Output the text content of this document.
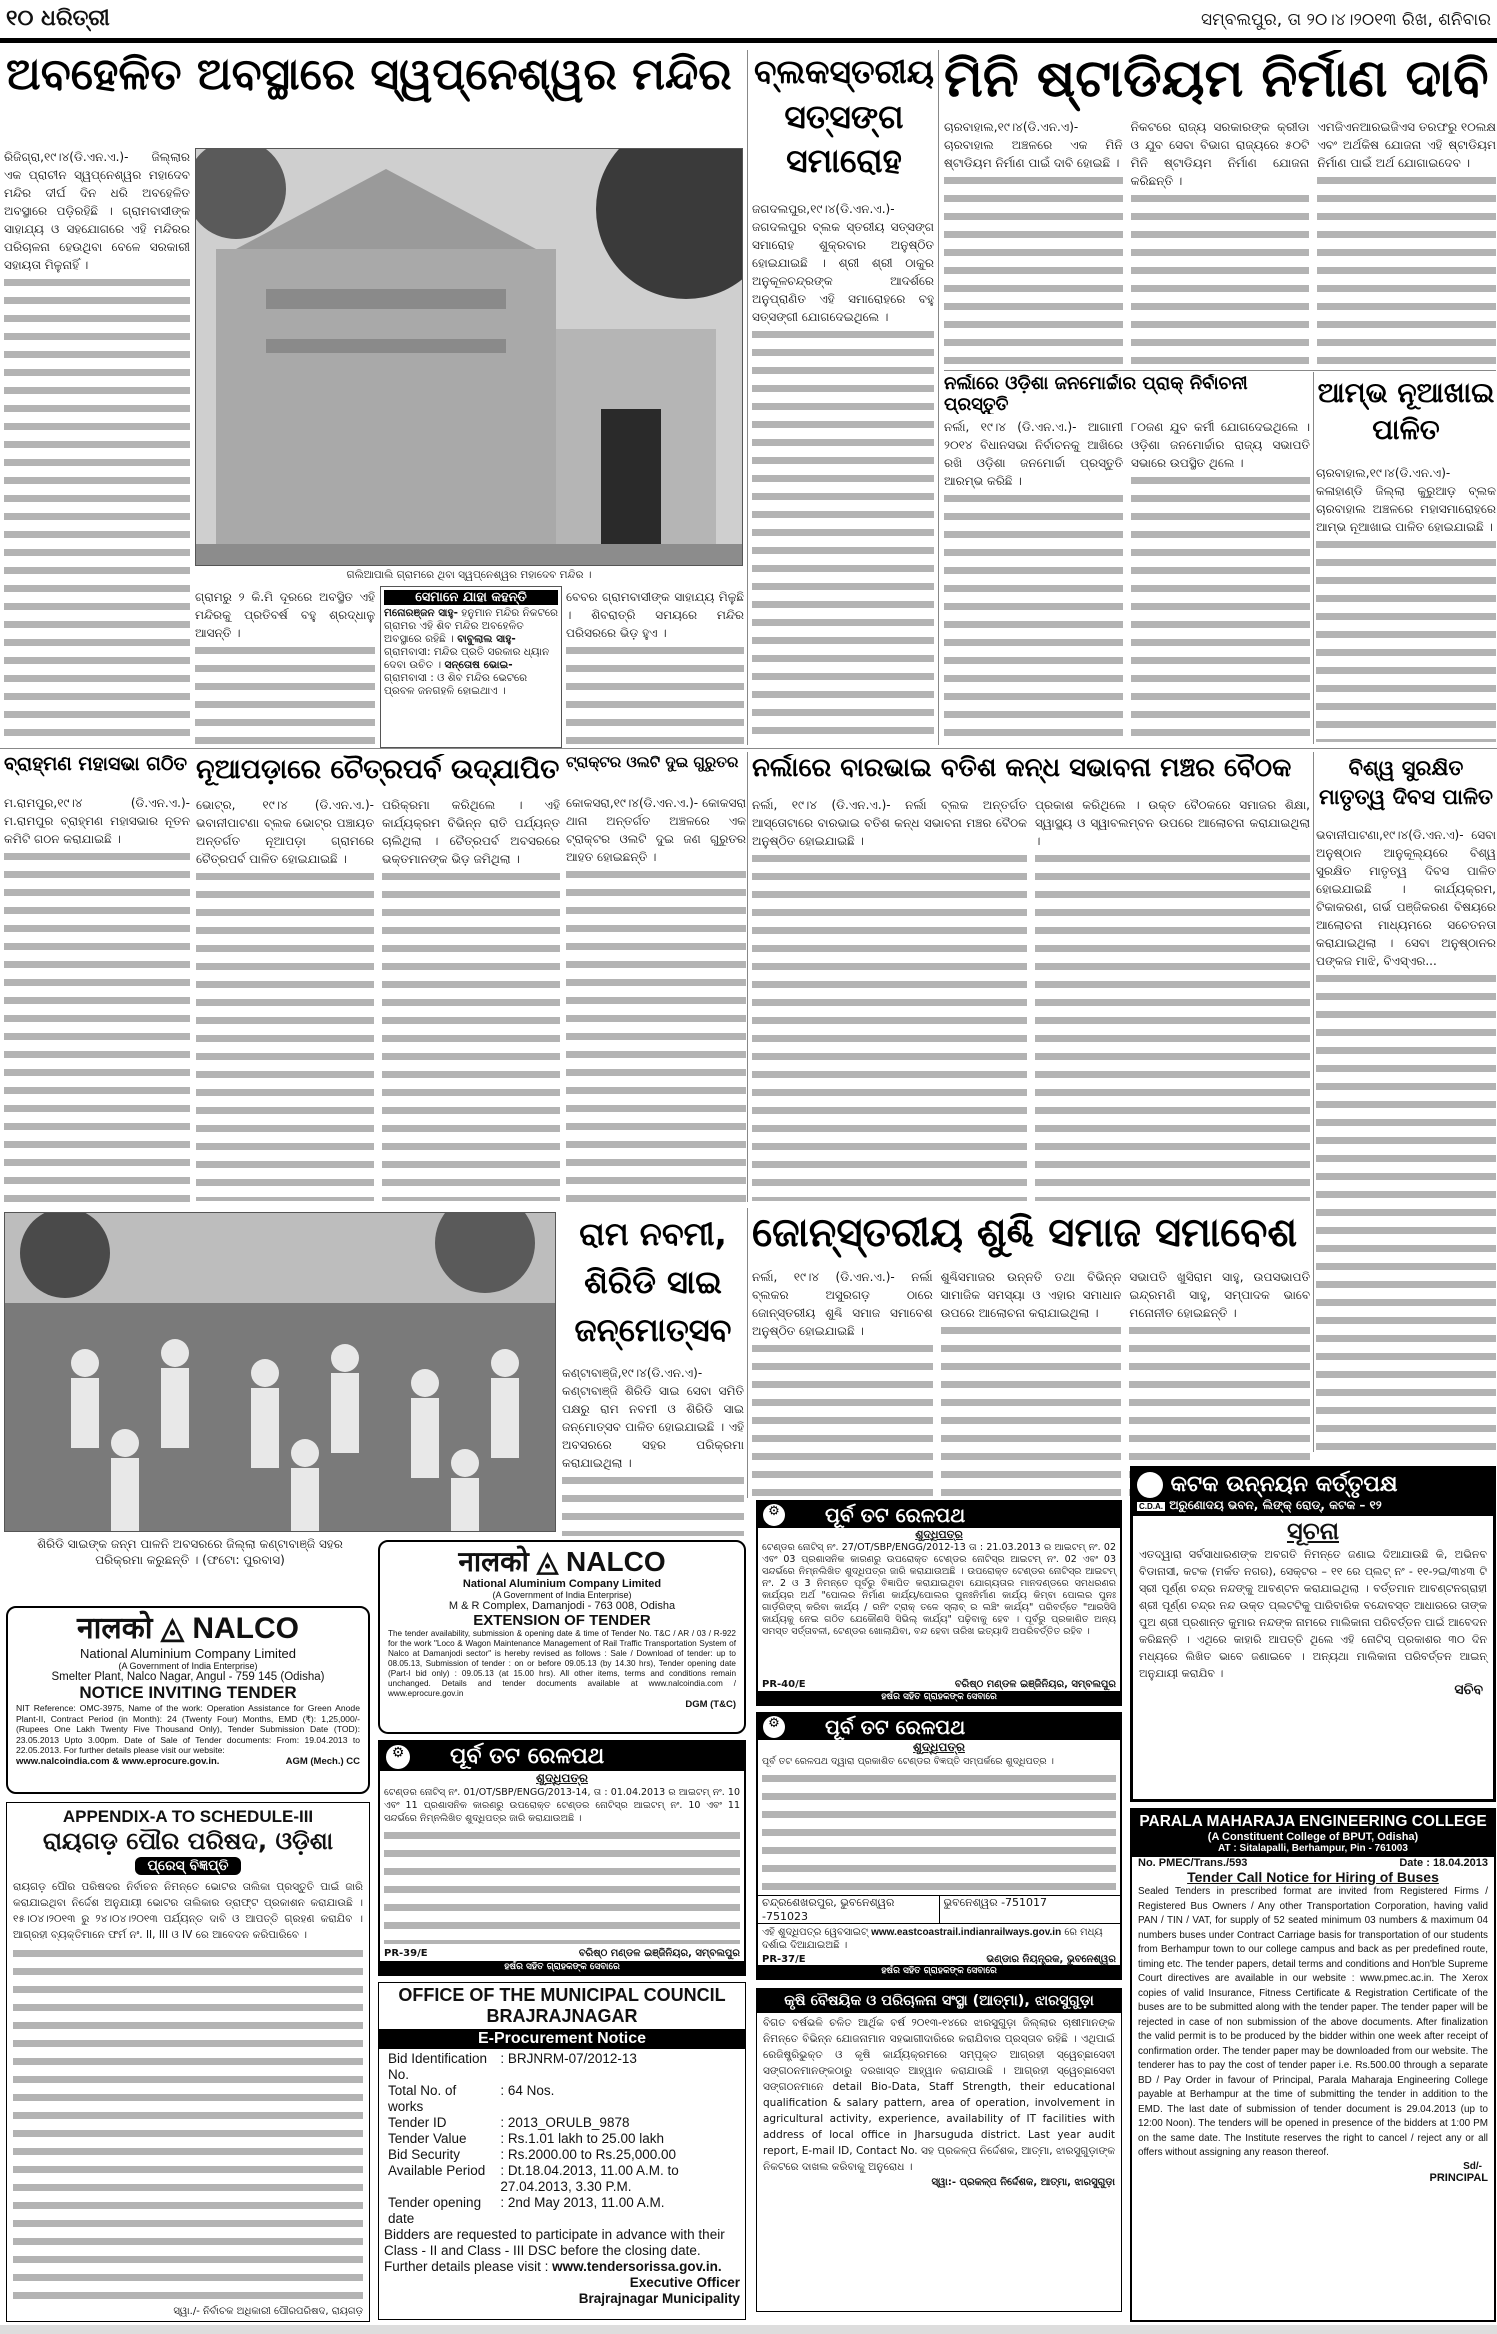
୧୦ ଧରିତ୍ରୀ	ସମ୍ବଲପୁର, ତା ୨୦।୪।୨୦୧୩ ରିଖ, ଶନିବାର
ଅବହେଳିତ ଅବସ୍ଥାରେ ସ୍ୱପ୍ନେଶ୍ୱର ମନ୍ଦିର
ରିଜିଗ୍ରା,୧୯।୪(ଡି.ଏନ.ଏ.)- ଜିଲ୍ଲାର ଏକ ପ୍ରାଚୀନ ସ୍ୱପ୍ନେଶ୍ୱର ମହାଦେବ ମନ୍ଦିର ଦୀର୍ଘ ଦିନ ଧରି ଅବହେଳିତ ଅବସ୍ଥାରେ ପଡ଼ିରହିଛି । ଗ୍ରାମବାସୀଙ୍କ ସାହାଯ୍ୟ ଓ ସହଯୋଗରେ ଏହି ମନ୍ଦିରର ପରିଚାଳନା ହେଉଥିବା ବେଳେ ସରକାରୀ ସହାୟତା ମିଳୁନାହିଁ ।
ଗଲିଆପାଲି ଗ୍ରାମରେ ଥିବା ସ୍ୱପ୍ନେଶ୍ୱର ମହାଦେବ ମନ୍ଦିର ।
ଗ୍ରାମରୁ ୨ କି.ମି ଦୂରରେ ଅବସ୍ଥିତ ଏହି ମନ୍ଦିରକୁ ପ୍ରତିବର୍ଷ ବହୁ ଶ୍ରଦ୍ଧାଳୁ ଆସନ୍ତି ।
ସେମାନେ ଯାହା କହନ୍ତି
ମନୋରଞ୍ଜନ ସାହୁ- ହନୁମାନ ମନ୍ଦିର ନିକଟରେ ଗ୍ରାମର ଏହି ଶିବ ମନ୍ଦିର ଅବହେଳିତ ଅବସ୍ଥାରେ ରହିଛି । ବାବୁଲାଲ ସାହୁ- ଗ୍ରାମବାସୀ: ମନ୍ଦିର ପ୍ରତି ସରକାର ଧ୍ୟାନ ଦେବା ଉଚିତ । ସନ୍ତୋଷ ଭୋଇ- ଗ୍ରାମବାସୀ : ଓ ଶିବ ମନ୍ଦିର ଭେଟରେ ପ୍ରବଳ ଜନଗହଳି ହୋଇଥାଏ ।
ବେବର ଗ୍ରାମବାସୀଙ୍କ ସାହାଯ୍ୟ ମିଳୁଛି । ଶିବରାତ୍ରି ସମୟରେ ମନ୍ଦିର ପରିସରରେ ଭିଡ଼ ହୁଏ ।
ବ୍ଲକସ୍ତରୀୟ ସତ୍‌ସଙ୍ଗ ସମାରୋହ
ଜଗଦଲପୁର,୧୯।୪(ଡି.ଏନ.ଏ.)- ଜଗଦଲପୁର ବ୍ଲକ ସ୍ତରୀୟ ସତ୍‌ସଙ୍ଗ ସମାରୋହ ଶୁକ୍ରବାର ଅନୁଷ୍ଠିତ ହୋଇଯାଇଛି । ଶ୍ରୀ ଶ୍ରୀ ଠାକୁର ଅନୁକୂଳଚନ୍ଦ୍ରଙ୍କ ଆଦର୍ଶରେ ଅନୁପ୍ରାଣିତ ଏହି ସମାରୋହରେ ବହୁ ସତ୍‌ସଙ୍ଗୀ ଯୋଗଦେଇଥିଲେ ।
ମିନି ଷ୍ଟାଡିୟମ ନିର୍ମାଣ ଦାବି
ଚାରବାହାଲ,୧୯।୪(ଡି.ଏନ.ଏ)- ଚାରବାହାଲ ଅଞ୍ଚଳରେ ଏକ ମିନି ଷ୍ଟାଡିୟମ ନିର୍ମାଣ ପାଇଁ ଦାବି ହୋଇଛି ।
ନିକଟରେ ରାଜ୍ୟ ସରକାରଙ୍କ କ୍ରୀଡା ଓ ଯୁବ ସେବା ବିଭାଗ ରାଜ୍ୟରେ ୫୦ଟି ମିନି ଷ୍ଟାଡିୟମ ନିର୍ମାଣ ଯୋଜନା କରିଛନ୍ତି ।
ଏମଜିଏନଆରଇଜିଏସ ତରଫରୁ ୧୦ଲକ୍ଷ ଏବଂ ଅର୍ଥକିଷ ଯୋଜନା ଏହି ଷ୍ଟାଡିୟମ ନିର୍ମାଣ ପାଇଁ ଅର୍ଥ ଯୋଗାଇଦେବ ।
ନର୍ଲାରେ ଓଡ଼ିଶା ଜନମୋର୍ଚ୍ଚାର ପ୍ରାକ୍ ନିର୍ବାଚନୀ ପ୍ରସ୍ତୁତି
ନର୍ଲା, ୧୯।୪ (ଡି.ଏନ.ଏ.)- ଆଗାମୀ ୨୦୧୪ ବିଧାନସଭା ନିର୍ବାଚନକୁ ଆଖିରେ ରଖି ଓଡ଼ିଶା ଜନମୋର୍ଚ୍ଚା ପ୍ରସ୍ତୁତି ଆରମ୍ଭ କରିଛି ।
୮୦ଜଣ ଯୁବ କର୍ମୀ ଯୋଗଦେଇଥିଲେ । ଓଡ଼ିଶା ଜନମୋର୍ଚ୍ଚାର ରାଜ୍ୟ ସଭାପତି ସଭାରେ ଉପସ୍ଥିତ ଥିଲେ ।
ଆମ୍ଭ ନୂଆଖାଇ ପାଳିତ
ଚାରବାହାଲ,୧୯।୪(ଡି.ଏନ.ଏ)- କଳାହାଣ୍ଡି ଜିଲ୍ଲା କୁରୁଆଡ଼ ବ୍ଲକ ଚାରବାହାଲ ଅଞ୍ଚଳରେ ମହାସମାରୋହରେ ଆମ୍ଭ ନୂଆଖାଇ ପାଳିତ ହୋଇଯାଇଛି ।
ବ୍ରାହ୍ମଣ ମହାସଭା ଗଠିତ
ମ.ରାମପୁର,୧୯।୪ (ଡି.ଏନ.ଏ.)- ମ.ରାମପୁର ବ୍ରାହ୍ମଣ ମହାସଭାର ନୂତନ କମିଟି ଗଠନ କରାଯାଇଛି ।
ନୂଆପଡ଼ାରେ ଚୈତ୍ରପର୍ବ ଉଦ୍‌ଯାପିତ
ଭୋଟ୍ର, ୧୯।୪ (ଡି.ଏନ.ଏ.)- ଭବାନୀପାଟଣା ବ୍ଲକ ଭୋଟ୍ର ପଞ୍ଚାୟତ ଅନ୍ତର୍ଗତ ନୂଆପଡ଼ା ଗ୍ରାମରେ ଚୈତ୍ରପର୍ବ ପାଳିତ ହୋଇଯାଇଛି ।
ପରିକ୍ରମା କରିଥିଲେ । ଏହି କାର୍ଯ୍ୟକ୍ରମ ବିଭିନ୍ନ ରାତି ପର୍ଯ୍ୟନ୍ତ ଚାଲିଥିଲା । ଚୈତ୍ରପର୍ବ ଅବସରରେ ଭକ୍ତମାନଙ୍କ ଭିଡ଼ ଜମିଥିଲା ।
ଟ୍ରାକ୍ଟର ଓଲଟି ଦୁଇ ଗୁରୁତର
କୋକସରା,୧୯।୪(ଡି.ଏନ.ଏ.)- କୋକସରା ଥାନା ଅନ୍ତର୍ଗତ ଅଞ୍ଚଳରେ ଏକ ଟ୍ରାକ୍ଟର ଓଲଟି ଦୁଇ ଜଣ ଗୁରୁତର ଆହତ ହୋଇଛନ୍ତି ।
ନର୍ଲାରେ ବାରଭାଇ ବତିଶ କନ୍ଧ ସଭାବନା ମଞ୍ଚର ବୈଠକ
ନର୍ଲା, ୧୯।୪ (ଡି.ଏନ.ଏ.)- ନର୍ଲା ବ୍ଲକ ଅନ୍ତର୍ଗତ ଆସ୍ତୋଟାରେ ବାରଭାଇ ବତିଶ କନ୍ଧ ସଭାବନା ମଞ୍ଚର ବୈଠକ ଅନୁଷ୍ଠିତ ହୋଇଯାଇଛି ।
ପ୍ରକାଶ କରିଥିଲେ । ଉକ୍ତ ବୈଠକରେ ସମାଜର ଶିକ୍ଷା, ସ୍ୱାସ୍ଥ୍ୟ ଓ ସ୍ୱାବଲମ୍ବନ ଉପରେ ଆଲୋଚନା କରାଯାଇଥିଲା ।
ବିଶ୍ୱ ସୁରକ୍ଷିତ ମାତୃତ୍ୱ ଦିବସ ପାଳିତ
ଭବାନୀପାଟଣା,୧୯।୪(ଡି.ଏନ.ଏ)- ସେବା ଅନୁଷ୍ଠାନ ଆନୁକୂଲ୍ୟରେ ବିଶ୍ୱ ସୁରକ୍ଷିତ ମାତୃତ୍ୱ ଦିବସ ପାଳିତ ହୋଇଯାଇଛି । କାର୍ଯ୍ୟକ୍ରମ, ଟିକାକରଣ, ଗର୍ଭ ପଞ୍ଜିକରଣ ବିଷୟରେ ଆଲୋଚନା ମାଧ୍ୟମରେ ସଚେତନତା କରାଯାଇଥିଲା । ସେବା ଅନୁଷ୍ଠାନର ପଙ୍କଜ ମାଝି, ବିଏସ୍‌ଏର...
ଶିରିଡି ସାଇଙ୍କ ଜନ୍ମ ପାଳନି ଅବସରରେ ଜିଲ୍ଲା କଣ୍ଟାବାଞ୍ଜି ସହର ପରିକ୍ରମା କରୁଛନ୍ତି । (ଫଟୋ: ପୁରବାସ)
ରାମ ନବମୀ, ଶିରିଡି ସାଇ ଜନ୍ମୋତ୍ସବ
କଣ୍ଟାବାଞ୍ଜି,୧୯।୪(ଡି.ଏନ.ଏ)- କଣ୍ଟାବାଞ୍ଜି ଶିରିଡି ସାଇ ସେବା ସମିତି ପକ୍ଷରୁ ରାମ ନବମୀ ଓ ଶିରିଡି ସାଇ ଜନ୍ମୋତ୍ସବ ପାଳିତ ହୋଇଯାଇଛି । ଏହି ଅବସରରେ ସହର ପରିକ୍ରମା କରାଯାଇଥିଲା ।
ଜୋନ୍‌ସ୍ତରୀୟ ଶୁଣ୍ଢି ସମାଜ ସମାବେଶ
ନର୍ଲା, ୧୯।୪ (ଡି.ଏନ.ଏ.)- ନର୍ଲା ବ୍ଲକର ଅସୁରଗଡ଼ ଠାରେ ଜୋନ୍‌ସ୍ତରୀୟ ଶୁଣ୍ଢି ସମାଜ ସମାବେଶ ଅନୁଷ୍ଠିତ ହୋଇଯାଇଛି ।
ଶୁଣ୍ଢିସମାଜର ଉନ୍ନତି ତଥା ବିଭିନ୍ନ ସାମାଜିକ ସମସ୍ୟା ଓ ଏହାର ସମାଧାନ ଉପରେ ଆଲୋଚନା କରାଯାଇଥିଲା ।
ସଭାପତି ଖୁସିରାମ ସାହୁ, ଉପସଭାପତି ଇନ୍ଦ୍ରମଣି ସାହୁ, ସମ୍ପାଦକ ଭାବେ ମନୋନୀତ ହୋଇଛନ୍ତି ।
नालको ◬ NALCO
National Aluminium Company Limited
(A Government of India Enterprise)
Smelter Plant, Nalco Nagar, Angul - 759 145 (Odisha)
NOTICE INVITING TENDER
NIT Reference: OMC-3975, Name of the work: Operation Assistance for Green Anode Plant-II, Contract Period (in Month): 24 (Twenty Four) Months, EMD (₹): 1,25,000/- (Rupees One Lakh Twenty Five Thousand Only), Tender Submission Date (TOD): 23.05.2013 Upto 3.00pm. Date of Sale of Tender documents: From: 19.04.2013 to 22.05.2013. For further details please visit our website:
www.nalcoindia.com & www.eprocure.gov.in.	AGM (Mech.) CC
नालको ◬ NALCO
National Aluminium Company Limited
(A Government of India Enterprise)
M & R Complex, Damanjodi - 763 008, Odisha
EXTENSION OF TENDER
The tender availability, submission & opening date & time of Tender No. T&C / AR / 03 / R-922 for the work "Loco & Wagon Maintenance Management of Rail Traffic Transportation System of Nalco at Damanjodi sector" is hereby revised as follows : Sale / Download of tender: up to 08.05.13, Submission of tender : on or before 09.05.13 (by 14.30 hrs), Tender opening date (Part-I bid only) : 09.05.13 (at 15.00 hrs). All other items, terms and conditions remain unchanged. Details and tender documents available at www.nalcoindia.com / www.eprocure.gov.in
DGM (T&C)
⚙ ପୂର୍ବ ତଟ ରେଳପଥ
ଶୁଦ୍ଧିପତ୍ର
ଟେଣ୍ଡର ନୋଟିସ୍ ନଂ. 27/OT/SBP/ENGG/2012-13 ତା : 21.03.2013 ର ଆଇଟମ୍ ନଂ. 02 ଏବଂ 03 ପ୍ରଶାସନିକ କାରଣରୁ ଉପରୋକ୍ତ ଟେଣ୍ଡର ନୋଟିସ୍‌ର ଆଇଟମ୍ ନଂ. 02 ଏବଂ 03 ସନ୍ଦର୍ଭରେ ନିମ୍ନଲିଖିତ ଶୁଦ୍ଧିପତ୍ର ଜାରି କରାଯାଉଅଛି । ଉପରୋକ୍ତ ଟେଣ୍ଡର ନୋଟିସ୍‌ର ଆଇଟମ୍ ନଂ. 2 ଓ 3 ନିମନ୍ତେ ପୂର୍ବରୁ ବିଜ୍ଞାପିତ କରାଯାଇଥିବା ଯୋଗ୍ୟତାର ମାନଦଣ୍ଡରେ ସମଧରଣର କାର୍ଯ୍ୟର ଅର୍ଥ "ପୋଲର ନିର୍ମାଣ କାର୍ଯ୍ୟ/ପୋଲର ପୁନଃନିର୍ମାଣ କାର୍ଯ୍ୟ କିମ୍ବା ପୋଲର ପୁନଃ ଗାର୍ଡ଼ରିଙ୍ଗ୍ କରିବା କାର୍ଯ୍ୟ / ରନିଂ ଟ୍ରାକ୍ ତଳେ ସ୍ଲାବ୍ ର ଲଞ୍ଚିଂ କାର୍ଯ୍ୟ" ପରିବର୍ତ୍ତେ "ଆରସିସି କାର୍ଯ୍ୟକୁ ନେଇ ଗଠିତ ଯେକୌଣସି ସିଭିଲ୍ କାର୍ଯ୍ୟ" ପଢ଼ିବାକୁ ହେବ । ପୂର୍ବରୁ ପ୍ରକାଶିତ ଅନ୍ୟ ସମସ୍ତ ସର୍ତ୍ତାବଳୀ, ଟେଣ୍ଡର ଖୋଲାଯିବା, ବନ୍ଦ ହେବା ତାରିଖ ଇତ୍ୟାଦି ଅପରିବର୍ତ୍ତିତ ରହିବ ।
PR-40/E	ବରିଷ୍ଠ ମଣ୍ଡଳ ଇଞ୍ଜିନିୟର, ସମ୍ବଲପୁର
ହର୍ଷର ସହିତ ଗ୍ରାହକଙ୍କ ସେବାରେ
⚙ ପୂର୍ବ ତଟ ରେଳପଥ
ଶୁଦ୍ଧିପତ୍ର
ଟେଣ୍ଡର ନୋଟିସ୍ ନଂ. 01/OT/SBP/ENGG/2013-14, ତା : 01.04.2013 ର ଆଇଟମ୍ ନଂ. 10 ଏବଂ 11 ପ୍ରଶାସନିକ କାରଣରୁ ଉପରୋକ୍ତ ଟେଣ୍ଡର ନୋଟିସ୍‌ର ଆଇଟମ୍ ନଂ. 10 ଏବଂ 11 ସନ୍ଦର୍ଭରେ ନିମ୍ନଲିଖିତ ଶୁଦ୍ଧିପତ୍ର ଜାରି କରାଯାଉଅଛି ।
PR-39/E	ବରିଷ୍ଠ ମଣ୍ଡଳ ଇଞ୍ଜିନିୟର, ସମ୍ବଲପୁର
ହର୍ଷର ସହିତ ଗ୍ରାହକଙ୍କ ସେବାରେ
⚙ ପୂର୍ବ ତଟ ରେଳପଥ
ଶୁଦ୍ଧିପତ୍ର
ପୂର୍ବ ତଟ ରେଳପଥ ଦ୍ୱାରା ପ୍ରକାଶିତ ଟେଣ୍ଡର ବିଜ୍ଞପ୍ତି ସମ୍ପର୍କରେ ଶୁଦ୍ଧିପତ୍ର ।
ଚନ୍ଦ୍ରଶେଖରପୁର, ଭୁବନେଶ୍ୱର -751023
ଭୁବନେଶ୍ୱର -751017
ଏହି ଶୁଦ୍ଧିପତ୍ର ୱେବସାଇଟ୍ www.eastcoastrail.indianrailways.gov.in ରେ ମଧ୍ୟ ଦର୍ଶାଇ ଦିଆଯାଇଅଛି ।
PR-37/E	ଭଣ୍ଡାର ନିୟନ୍ତ୍ରକ, ଭୁବନେଶ୍ୱର
ହର୍ଷର ସହିତ ଗ୍ରାହକଙ୍କ ସେବାରେ
କଟକ ଉନ୍ନୟନ କର୍ତ୍ତୃପକ୍ଷ
C.D.A. ଅରୁଣୋଦୟ ଭବନ, ଲିଙ୍କ୍ ରୋଡ୍, କଟକ – ୧୨
ସୂଚନା
ଏତଦ୍ୱାରା ସର୍ବସାଧାରଣଙ୍କ ଅବଗତି ନିମନ୍ତେ ଜଣାଇ ଦିଆଯାଉଛି କି, ଅଭିନବ ବିଡାନାସୀ, କଟକ (ମର୍କତ ନଗର), ସେକ୍ଟର – ୧୧ ରେ ପ୍ଲଟ୍ ନଂ - ୧୧-୨ଇ/୩୪୩ ଟି ସ୍ରୀ ପୂର୍ଣ୍ଣ ଚନ୍ଦ୍ର ନନ୍ଦଙ୍କୁ ଆବଣ୍ଟନ କରାଯାଇଥିଲା । ବର୍ତ୍ତମାନ ଆବଣ୍ଟନଗ୍ରାହୀ ଶ୍ରୀ ପୂର୍ଣ୍ଣ ଚନ୍ଦ୍ର ନନ୍ଦ ଉକ୍ତ ପ୍ଲଟଟିକୁ ପାରିବାରିକ ବନ୍ଦୋବସ୍ତ ଆଧାରରେ ତାଙ୍କ ପୁଅ ଶ୍ରୀ ପ୍ରଶାନ୍ତ କୁମାର ନନ୍ଦଙ୍କ ନାମରେ ମାଲିକାନା ପରିବର୍ତ୍ତନ ପାଇଁ ଆବେଦନ କରିଛନ୍ତି । ଏଥିରେ କାହାରି ଆପତ୍ତି ଥିଲେ ଏହି ନୋଟିସ୍ ପ୍ରକାଶର ୩୦ ଦିନ ମଧ୍ୟରେ ଲିଖିତ ଭାବେ ଜଣାଇବେ । ଅନ୍ୟଥା ମାଲିକାନା ପରିବର୍ତ୍ତନ ଆଇନ୍ ଅନୁଯାୟୀ କରାଯିବ ।
ସଚିବ
APPENDIX-A TO SCHEDULE-III
ରାୟଗଡ଼ ପୌର ପରିଷଦ, ଓଡ଼ିଶା
ପ୍ରେସ୍ ବିଜ୍ଞପ୍ତି
ରାୟଗଡ଼ ପୌର ପରିଷଦର ନିର୍ବାଚନ ନିମନ୍ତେ ଭୋଟର ତାଲିକା ପ୍ରସ୍ତୁତି ପାଇଁ ଜାରି କରାଯାଇଥିବା ନିର୍ଦ୍ଦେଶ ଅନୁଯାୟୀ ଭୋଟର ତାଲିକାର ଡ୍ରାଫ୍ଟ ପ୍ରକାଶନ କରାଯାଉଛି । ୧୫।୦୪।୨୦୧୩ ରୁ ୨୪।୦୪।୨୦୧୩ ପର୍ଯ୍ୟନ୍ତ ଦାବି ଓ ଆପତ୍ତି ଗ୍ରହଣ କରାଯିବ । ଆଗ୍ରହୀ ବ୍ୟକ୍ତିମାନେ ଫର୍ମ ନଂ. II, III ଓ IV ରେ ଆବେଦନ କରିପାରିବେ ।
ସ୍ୱା./- ନିର୍ବାଚକ ଅଧିକାରୀ ପୌରପରିଷଦ, ରାୟଗଡ଼
OFFICE OF THE MUNICIPAL COUNCIL
BRAJRAJNAGAR
E-Procurement Notice
Bid Identification No.	: BRJNRM-07/2012-13
Total No. of works	: 64 Nos.
Tender ID	: 2013_ORULB_9878
Tender Value	: Rs.1.01 lakh to 25.00 lakh
Bid Security	: Rs.2000.00 to Rs.25,000.00
Available Period	: Dt.18.04.2013, 11.00 A.M. to 27.04.2013, 3.30 P.M.
Tender opening date	: 2nd May 2013, 11.00 A.M.
Bidders are requested to participate in advance with their Class - II and Class - III DSC before the closing date.
Further details please visit : www.tendersorissa.gov.in.
Executive Officer
Brajrajnagar Municipality
କୃଷି ବୈଷୟିକ ଓ ପରିଚାଳନା ସଂସ୍ଥା (ଆତ୍ମା), ଝାରସୁଗୁଡ଼ା
ବିଗତ ବର୍ଷଭଳି ଚଳିତ ଆର୍ଥିକ ବର୍ଷ ୨୦୧୩-୧୪ରେ ଝାରସୁଗୁଡ଼ା ଜିଲ୍ଲାର ଚାଷୀମାନଙ୍କ ନିମନ୍ତେ ବିଭିନ୍ନ ଯୋଜନାମାନ ସହଭାଗୀଦାରିରେ କରାଯିବାର ପ୍ରସ୍ତାବ ରହିଛି । ଏଥିପାଇଁ ରେଜିଷ୍ଟ୍ରିଭୁକ୍ତ ଓ କୃଷି କାର୍ଯ୍ୟକ୍ରମରେ ସମ୍ପୃକ୍ତ ଆଗ୍ରହୀ ସ୍ୱେଚ୍ଛାସେବୀ ସଙ୍ଗଠନମାନଙ୍କଠାରୁ ଦରଖାସ୍ତ ଆହ୍ୱାନ କରାଯାଉଛି । ଆଗ୍ରହୀ ସ୍ୱେଚ୍ଛାସେବୀ ସଙ୍ଗଠନମାନେ detail Bio-Data, Staff Strength, their educational qualification & salary pattern, area of operation, involvement in agricultural activity, experience, availability of IT facilities with address of local office in Jharsuguda district. Last year audit report, E-mail ID, Contact No. ସହ ପ୍ରକଳ୍ପ ନିର୍ଦ୍ଦେଶକ, ଆତ୍ମା, ଝାରସୁଗୁଡ଼ାଙ୍କ ନିକଟରେ ଦାଖଲ କରିବାକୁ ଅନୁରୋଧ ।
ସ୍ୱା:- ପ୍ରକଳ୍ପ ନିର୍ଦ୍ଦେଶକ, ଆତ୍ମା, ଝାରସୁଗୁଡ଼ା
PARALA MAHARAJA ENGINEERING COLLEGE
(A Constituent College of BPUT, Odisha)
AT : Sitalapalli, Berhampur, Pin - 761003
No. PMEC/Trans./593	Date : 18.04.2013
Tender Call Notice for Hiring of Buses
Sealed Tenders in prescribed format are invited from Registered Firms / Registered Bus Owners / Any other Transportation Corporation, having valid PAN / TIN / VAT, for supply of 52 seated minimum 03 numbers & maximum 04 numbers buses under Contract Carriage basis for transportation of our students from Berhampur town to our college campus and back as per predefined route, timing etc. The tender papers, detail terms and conditions and Hon'ble Supreme Court directives are available in our website : www.pmec.ac.in. The Xerox copies of valid Insurance, Fitness Certificate & Registration Certificate of the buses are to be submitted along with the tender paper. The tender paper will be rejected in case of non submission of the above documents. After finalization the valid permit is to be produced by the bidder within one week after receipt of confirmation order. The tender paper may be downloaded from our website. The tenderer has to pay the cost of tender paper i.e. Rs.500.00 through a separate BD / Pay Order in favour of Principal, Parala Maharaja Engineering College payable at Berhampur at the time of submitting the tender in addition to the EMD. The last date of submission of tender document is 29.04.2013 (up to 12:00 Noon). The tenders will be opened in presence of the bidders at 1:00 PM on the same date. The Institute reserves the right to cancel / reject any or all offers without assigning any reason thereof.
Sd/-
PRINCIPAL
